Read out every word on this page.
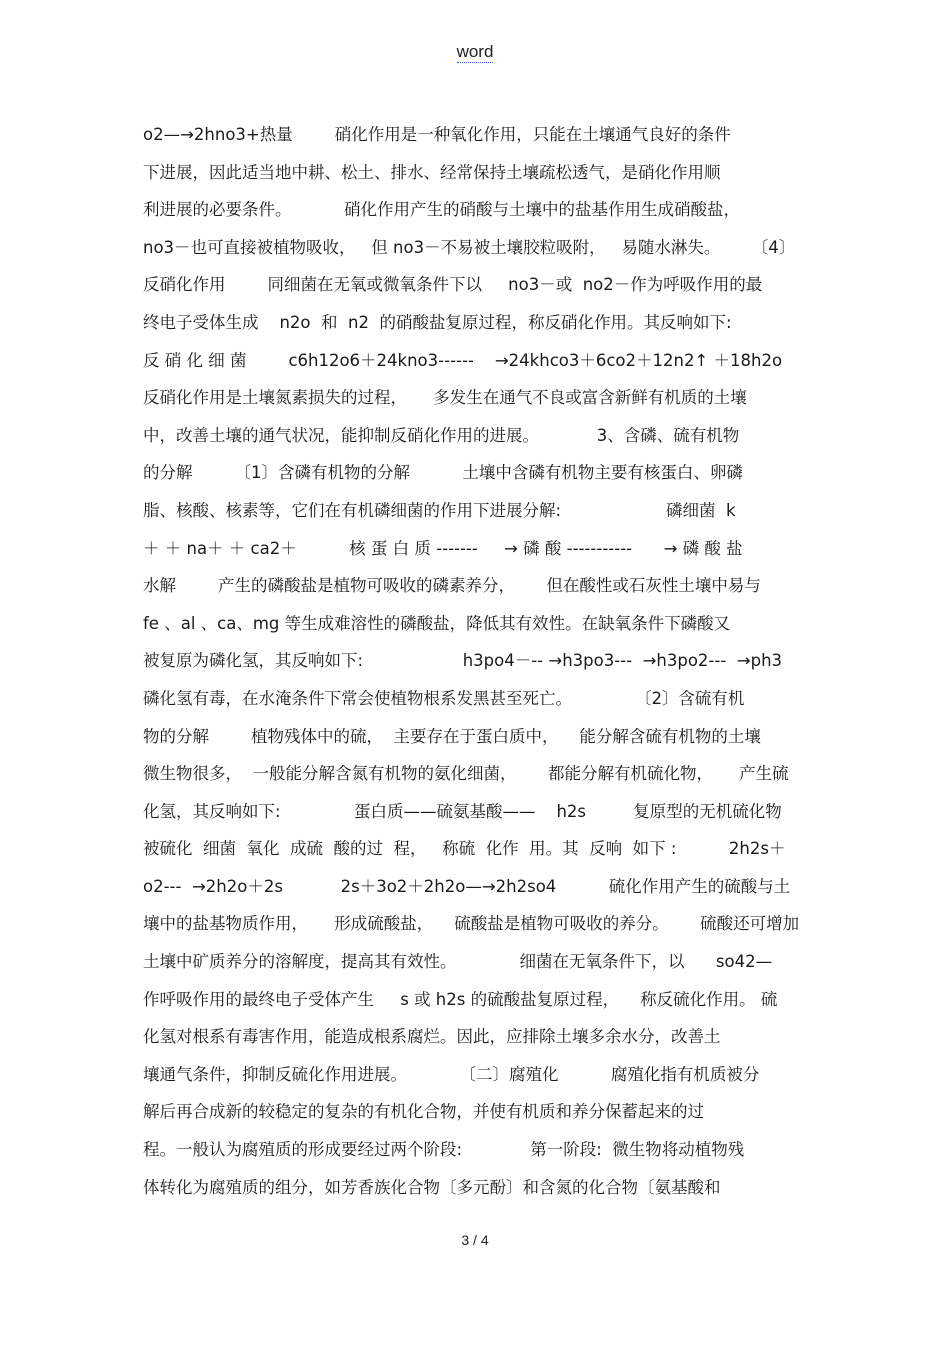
word
o2—→2hno3+热量        硝化作用是一种氧化作用，只能在土壤通气良好的条件
下进展，因此适当地中耕、松土、排水、经常保持土壤疏松透气，是硝化作用顺
利进展的必要条件。          硝化作用产生的硝酸与土壤中的盐基作用生成硝酸盐，
no3－也可直接被植物吸收，   但 no3－不易被土壤胶粒吸附，   易随水淋失。      〔4〕
反硝化作用        同细菌在无氧或微氧条件下以     no3－或  no2－作为呼吸作用的最
终电子受体生成    n2o  和  n2  的硝酸盐复原过程，称反硝化作用。其反响如下:
反 硝 化 细 菌        c6h12o6＋24kno3------    →24khco3＋6co2＋12n2↑ ＋18h2o
反硝化作用是土壤氮素损失的过程，     多发生在通气不良或富含新鲜有机质的土壤
中，改善土壤的通气状况，能抑制反硝化作用的进展。           3、含磷、硫有机物
的分解        〔1〕含磷有机物的分解          土壤中含磷有机物主要有核蛋白、卵磷
脂、核酸、核素等，它们在有机磷细菌的作用下进展分解:                    磷细菌  k
＋ ＋ na＋ ＋ ca2＋          核 蛋 白 质 -------     → 磷 酸 -----------      → 磷 酸 盐
水解        产生的磷酸盐是植物可吸收的磷素养分，      但在酸性或石灰性土壤中易与
fe 、al 、ca、mg 等生成难溶性的磷酸盐，降低其有效性。在缺氧条件下磷酸又
被复原为磷化氢，其反响如下:                   h3po4－-- →h3po3---  →h3po2---  →ph3
磷化氢有毒，在水淹条件下常会使植物根系发黑甚至死亡。            〔2〕含硫有机
物的分解        植物残体中的硫，  主要存在于蛋白质中，    能分解含硫有机物的土壤
微生物很多，  一般能分解含氮有机物的氨化细菌，      都能分解有机硫化物，     产生硫
化氢，其反响如下:              蛋白质——硫氨基酸——    h2s         复原型的无机硫化物
被硫化  细菌  氧化  成硫  酸的过  程，   称硫  化作  用。其  反响  如下 :          2h2s＋
o2---  →2h2o＋2s           2s＋3o2＋2h2o—→2h2so4          硫化作用产生的硫酸与土
壤中的盐基物质作用，     形成硫酸盐，    硫酸盐是植物可吸收的养分。      硫酸还可增加
土壤中矿质养分的溶解度，提高其有效性。            细菌在无氧条件下，以      so42—
作呼吸作用的最终电子受体产生     s 或 h2s 的硫酸盐复原过程，    称反硫化作用。 硫
化氢对根系有毒害作用，能造成根系腐烂。因此，应排除土壤多余水分，改善土
壤通气条件，抑制反硫化作用进展。          〔二〕腐殖化          腐殖化指有机质被分
解后再合成新的较稳定的复杂的有机化合物，并使有机质和养分保蓄起来的过
程。一般认为腐殖质的形成要经过两个阶段:             第一阶段:  微生物将动植物残
体转化为腐殖质的组分，如芳香族化合物〔多元酚〕和含氮的化合物〔氨基酸和
3 / 4
